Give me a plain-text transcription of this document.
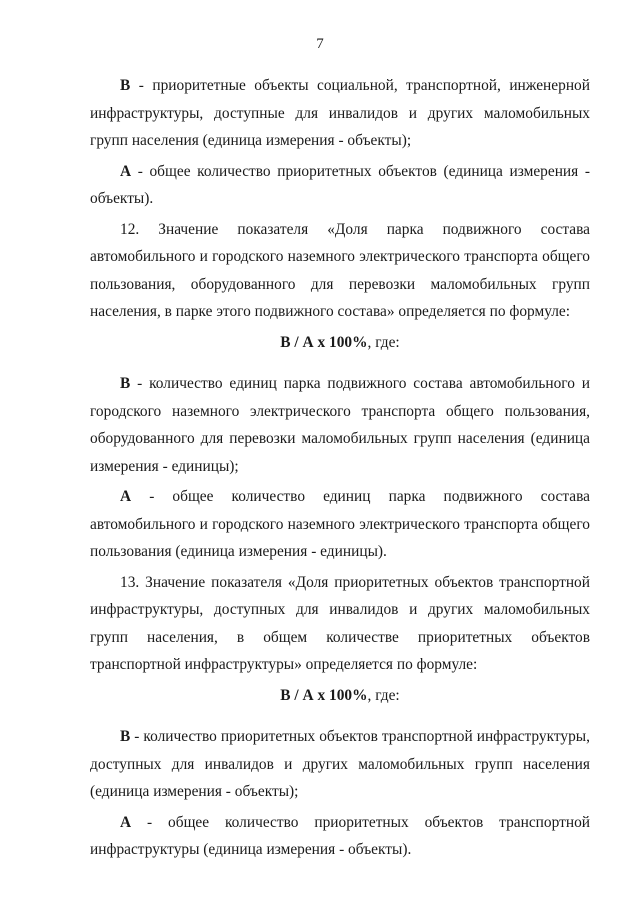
7

B - приоритетные объекты социальной, транспортной, инженерной инфраструктуры, доступные для инвалидов и других маломобильных групп населения (единица измерения - объекты);

А - общее количество приоритетных объектов (единица измерения - объекты).

12. Значение показателя «Доля парка подвижного состава автомобильного и городского наземного электрического транспорта общего пользования, оборудованного для перевозки маломобильных групп населения, в парке этого подвижного состава» определяется по формуле:

В / А х 100%, где:

В - количество единиц парка подвижного состава автомобильного и городского наземного электрического транспорта общего пользования, оборудованного для перевозки маломобильных групп населения (единица измерения - единицы);

А - общее количество единиц парка подвижного состава автомобильного и городского наземного электрического транспорта общего пользования (единица измерения - единицы).

13. Значение показателя «Доля приоритетных объектов транспортной инфраструктуры, доступных для инвалидов и других маломобильных групп населения, в общем количестве приоритетных объектов транспортной инфраструктуры» определяется по формуле:

В / А х 100%, где:

В - количество приоритетных объектов транспортной инфраструктуры, доступных для инвалидов и других маломобильных групп населения (единица измерения - объекты);

А - общее количество приоритетных объектов транспортной инфраструктуры (единица измерения - объекты).
